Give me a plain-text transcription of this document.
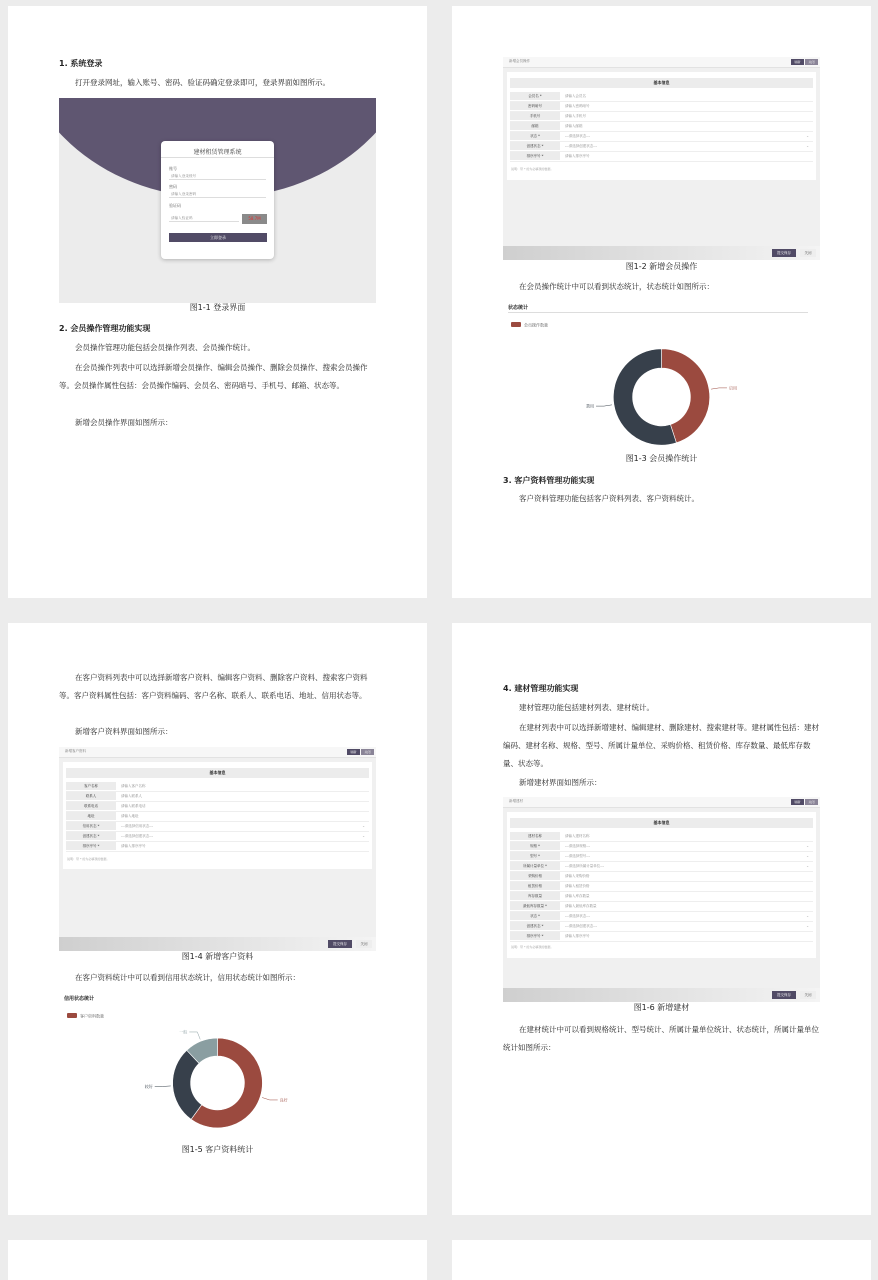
1. 系统登录
打开登录网址，输入账号、密码、验证码确定登录即可，登录界面如图所示。
建材租赁管理系统
账号
请输入登录账号
密码
请输入登录密码
验证码
请输入验证码	58.7M
立即登录
图1-1 登录界面
2. 会员操作管理功能实现
会员操作管理功能包括会员操作列表、会员操作统计。
在会员操作列表中可以选择新增会员操作、编辑会员操作、删除会员操作、搜索会员操作等。会员操作属性包括：会员操作编码、会员名、密码暗号、手机号、邮箱、状态等。
新增会员操作界面如图所示：
新增会员操作	刷新	关闭
基本信息
会员名 *	请输入会员名
密码暗号	请输入密码暗号
手机号	请输入手机号
邮箱	请输入邮箱
状态 *	---请选择状态---	⌄
创建状态 *	---请选择创建状态---	⌄
排序序号 *	请输入排序序号
说明：带 * 的为必填项的数据。
提交保存	关闭
图1-2 新增会员操作
在会员操作统计中可以看到状态统计，状态统计如图所示：
状态统计
会员操作数量
启用
禁用
图1-3 会员操作统计
3. 客户资料管理功能实现
客户资料管理功能包括客户资料列表、客户资料统计。
在客户资料列表中可以选择新增客户资料、编辑客户资料、删除客户资料、搜索客户资料等。客户资料属性包括：客户资料编码、客户名称、联系人、联系电话、地址、信用状态等。
新增客户资料界面如图所示：
新增客户资料	刷新	关闭
基本信息
客户名称	请输入客户名称
联系人	请输入联系人
联系电话	请输入联系电话
地址	请输入地址
信用状态 *	---请选择信用状态---	⌄
创建状态 *	---请选择创建状态---	⌄
排序序号 *	请输入排序序号
说明：带 * 的为必填项的数据。
提交保存	关闭
图1-4 新增客户资料
在客户资料统计中可以看到信用状态统计，信用状态统计如图所示：
信用状态统计
客户资料数量
良好
较好
一般
图1-5 客户资料统计
4. 建材管理功能实现
建材管理功能包括建材列表、建材统计。
在建材列表中可以选择新增建材、编辑建材、删除建材、搜索建材等。建材属性包括：建材编码、建材名称、规格、型号、所属计量单位、采购价格、租赁价格、库存数量、最低库存数量、状态等。
新增建材界面如图所示：
新增建材	刷新	关闭
基本信息
建材名称	请输入建材名称
规格 *	---请选择规格---	⌄
型号 *	---请选择型号---	⌄
所属计量单位 *	---请选择所属计量单位---	⌄
采购价格	请输入采购价格
租赁价格	请输入租赁价格
库存数量	请输入库存数量
最低库存数量 *	请输入最低库存数量
状态 *	---请选择状态---	⌄
创建状态 *	---请选择创建状态---	⌄
排序序号 *	请输入排序序号
说明：带 * 的为必填项的数据。
提交保存	关闭
图1-6 新增建材
在建材统计中可以看到规格统计、型号统计、所属计量单位统计、状态统计，所属计量单位统计如图所示：
